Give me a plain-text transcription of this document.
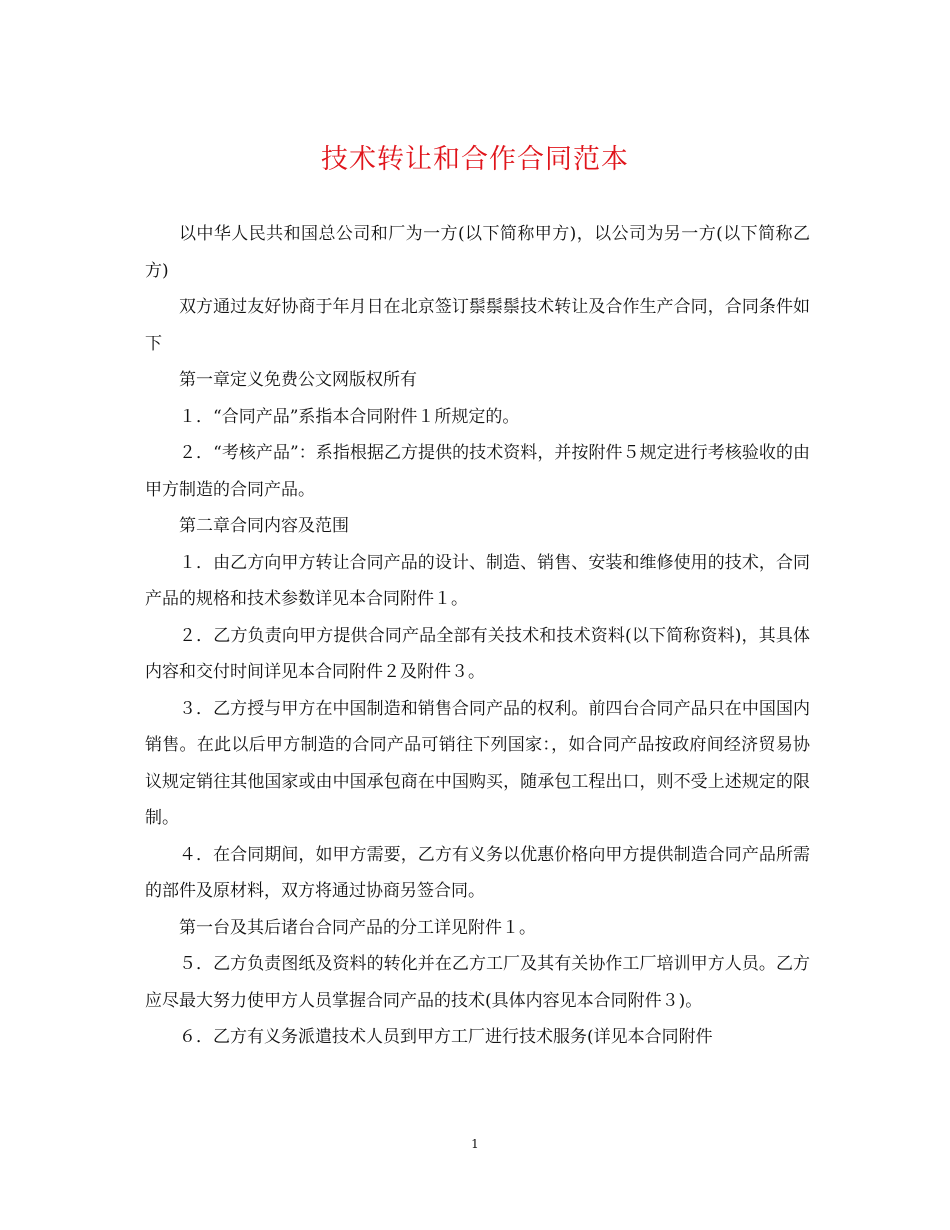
技术转让和合作合同范本

以中华人民共和国总公司和厂为一方(以下简称甲方)，以公司为另一方(以下简称乙方)

双方通过友好协商于年月日在北京签订鬃鬃鬃技术转让及合作生产合同，合同条件如下

第一章定义免费公文网版权所有

１．“合同产品”系指本合同附件１所规定的。

２．“考核产品”：系指根据乙方提供的技术资料，并按附件５规定进行考核验收的由甲方制造的合同产品。

第二章合同内容及范围

１．由乙方向甲方转让合同产品的设计、制造、销售、安装和维修使用的技术，合同产品的规格和技术参数详见本合同附件１。

２．乙方负责向甲方提供合同产品全部有关技术和技术资料(以下简称资料)，其具体内容和交付时间详见本合同附件２及附件３。

３．乙方授与甲方在中国制造和销售合同产品的权利。前四台合同产品只在中国国内销售。在此以后甲方制造的合同产品可销往下列国家：，如合同产品按政府间经济贸易协议规定销往其他国家或由中国承包商在中国购买，随承包工程出口，则不受上述规定的限制。

４．在合同期间，如甲方需要，乙方有义务以优惠价格向甲方提供制造合同产品所需的部件及原材料，双方将通过协商另签合同。

第一台及其后诸台合同产品的分工详见附件１。

５．乙方负责图纸及资料的转化并在乙方工厂及其有关协作工厂培训甲方人员。乙方应尽最大努力使甲方人员掌握合同产品的技术(具体内容见本合同附件３)。

６．乙方有义务派遣技术人员到甲方工厂进行技术服务(详见本合同附件

1
